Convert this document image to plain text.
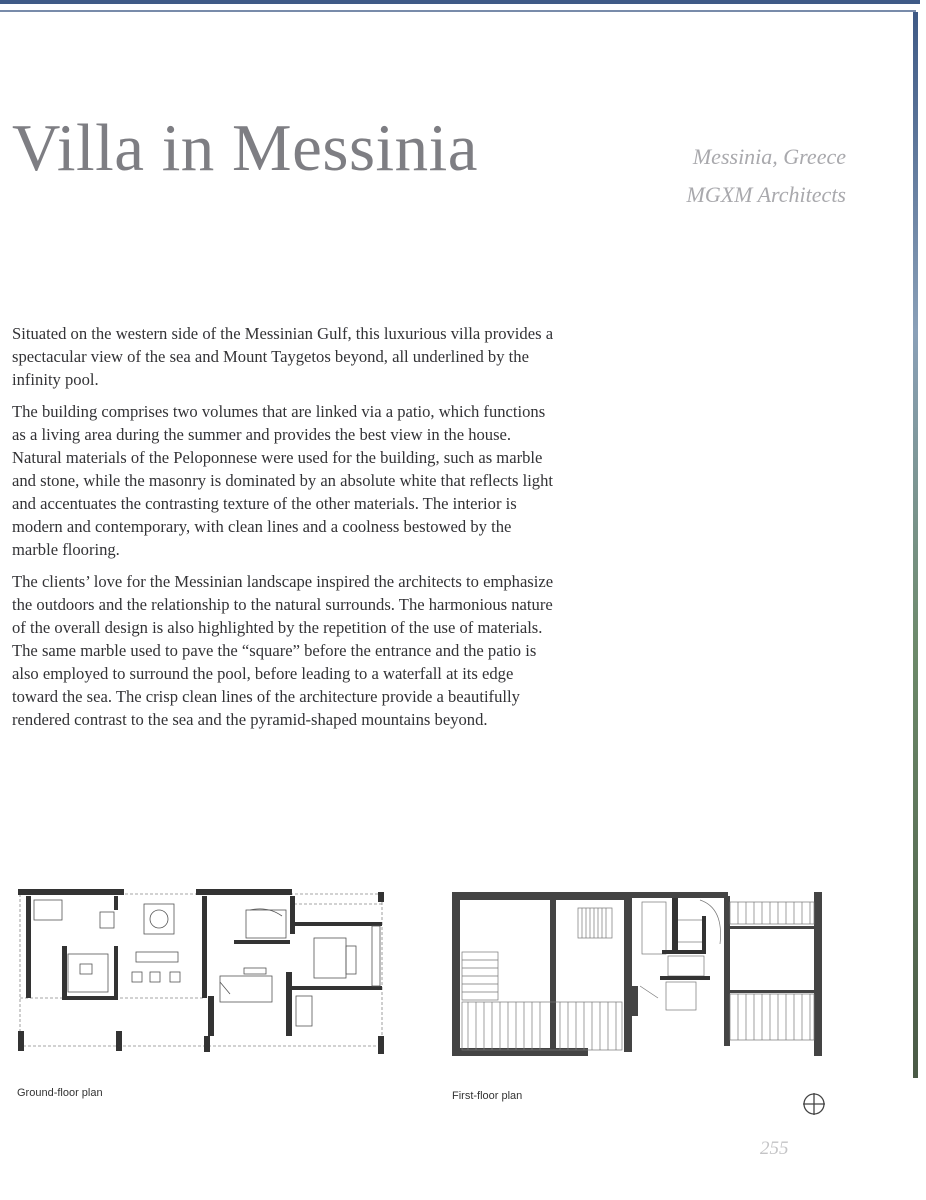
Villa in Messinia	Messinia, Greece
MGXM Architects

Situated on the western side of the Messinian Gulf, this luxurious villa provides a spectacular view of the sea and Mount Taygetos beyond, all underlined by the infinity pool.

The building comprises two volumes that are linked via a patio, which functions as a living area during the summer and provides the best view in the house. Natural materials of the Peloponnese were used for the building, such as marble and stone, while the masonry is dominated by an absolute white that reflects light and accentuates the contrasting texture of the other materials. The interior is modern and contemporary, with clean lines and a coolness bestowed by the marble flooring.

The clients’ love for the Messinian landscape inspired the architects to emphasize the outdoors and the relationship to the natural surrounds. The harmonious nature of the overall design is also highlighted by the repetition of the use of materials. The same marble used to pave the “square” before the entrance and the patio is also employed to surround the pool, before leading to a waterfall at its edge toward the sea. The crisp clean lines of the architecture provide a beautifully rendered contrast to the sea and the pyramid-shaped mountains beyond.

Ground-floor plan	First-floor plan
255
